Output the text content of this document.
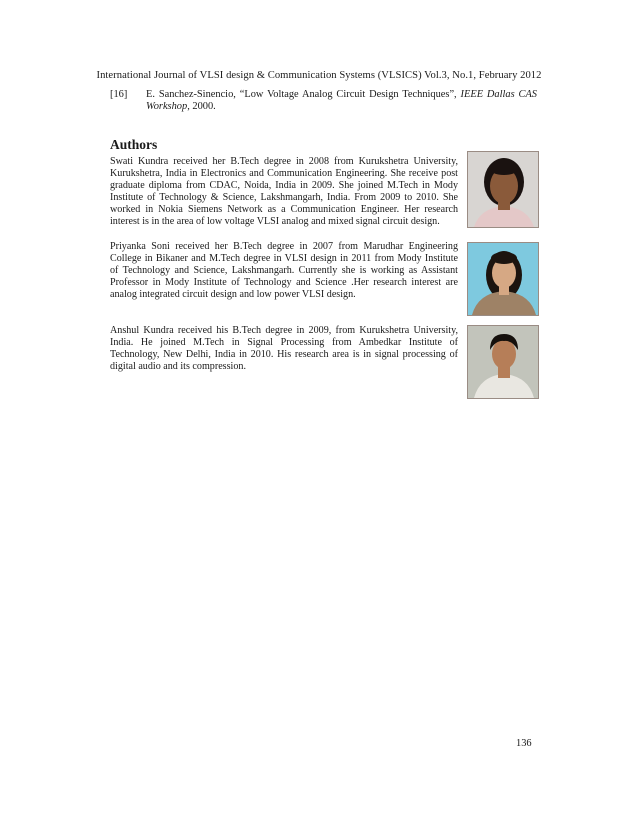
International Journal of VLSI design & Communication Systems (VLSICS) Vol.3, No.1, February 2012
[16] E. Sanchez-Sinencio, “Low Voltage Analog Circuit Design Techniques”, IEEE Dallas CAS Workshop, 2000.
Authors
Swati Kundra received her B.Tech degree in 2008 from Kurukshetra University, Kurukshetra, India in Electronics and Communication Engineering. She receive post graduate diploma from CDAC, Noida, India in 2009. She joined M.Tech in Mody Institute of Technology & Science, Lakshmangarh, India. From 2009 to 2010. She worked in Nokia Siemens Network as a Communication Engineer. Her research interest is in the area of low voltage VLSI analog and mixed signal circuit design.
Priyanka Soni received her B.Tech degree in 2007 from Marudhar Engineering College in Bikaner and M.Tech degree in VLSI design in 2011 from Mody Institute of Technology and Science, Lakshmangarh. Currently she is working as Assistant Professor in Mody Institute of Technology and Science .Her research interest are analog integrated circuit design and low power VLSI design.
Anshul Kundra received his B.Tech degree in 2009, from Kurukshetra University, India. He joined M.Tech in Signal Processing from Ambedkar Institute of Technology, New Delhi, India in 2010. His research area is in signal processing of digital audio and its compression.
136
